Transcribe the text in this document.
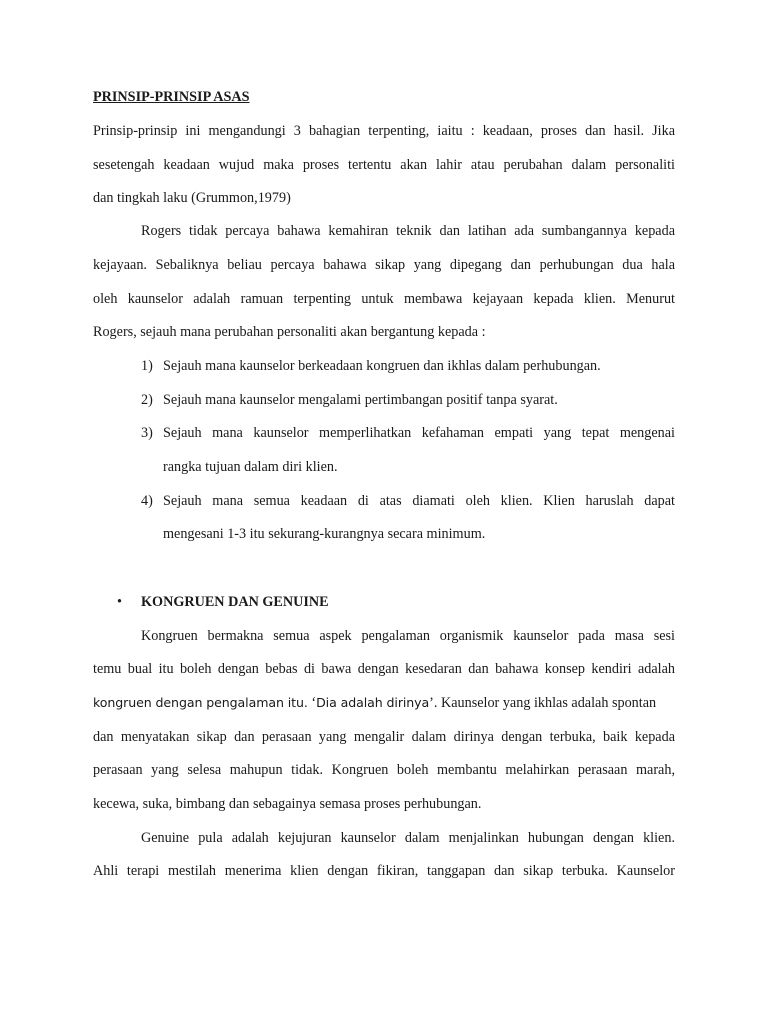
PRINSIP-PRINSIP ASAS
Prinsip-prinsip ini mengandungi 3 bahagian terpenting, iaitu : keadaan, proses dan hasil. Jika
sesetengah keadaan wujud maka proses tertentu akan lahir atau perubahan dalam personaliti
dan tingkah laku (Grummon,1979)
Rogers tidak percaya bahawa kemahiran teknik dan latihan ada sumbangannya kepada
kejayaan. Sebaliknya beliau percaya bahawa sikap yang dipegang dan perhubungan dua hala
oleh kaunselor adalah ramuan terpenting untuk membawa kejayaan kepada klien. Menurut
Rogers, sejauh mana perubahan personaliti akan bergantung kepada :
1) Sejauh mana kaunselor berkeadaan kongruen dan ikhlas dalam perhubungan.
2) Sejauh mana kaunselor mengalami pertimbangan positif tanpa syarat.
3) Sejauh mana kaunselor memperlihatkan kefahaman empati yang tepat mengenai
rangka tujuan dalam diri klien.
4) Sejauh mana semua keadaan di atas diamati oleh klien. Klien haruslah dapat
mengesani 1-3 itu sekurang-kurangnya secara minimum.
• KONGRUEN DAN GENUINE
Kongruen bermakna semua aspek pengalaman organismik kaunselor pada masa sesi
temu bual itu boleh dengan bebas di bawa dengan kesedaran dan bahawa konsep kendiri adalah
kongruen dengan pengalaman itu. ‘Dia adalah dirinya’. Kaunselor yang ikhlas adalah spontan
dan menyatakan sikap dan perasaan yang mengalir dalam dirinya dengan terbuka, baik kepada
perasaan yang selesa mahupun tidak. Kongruen boleh membantu melahirkan perasaan marah,
kecewa, suka, bimbang dan sebagainya semasa proses perhubungan.
Genuine pula adalah kejujuran kaunselor dalam menjalinkan hubungan dengan klien.
Ahli terapi mestilah menerima klien dengan fikiran, tanggapan dan sikap terbuka. Kaunselor
